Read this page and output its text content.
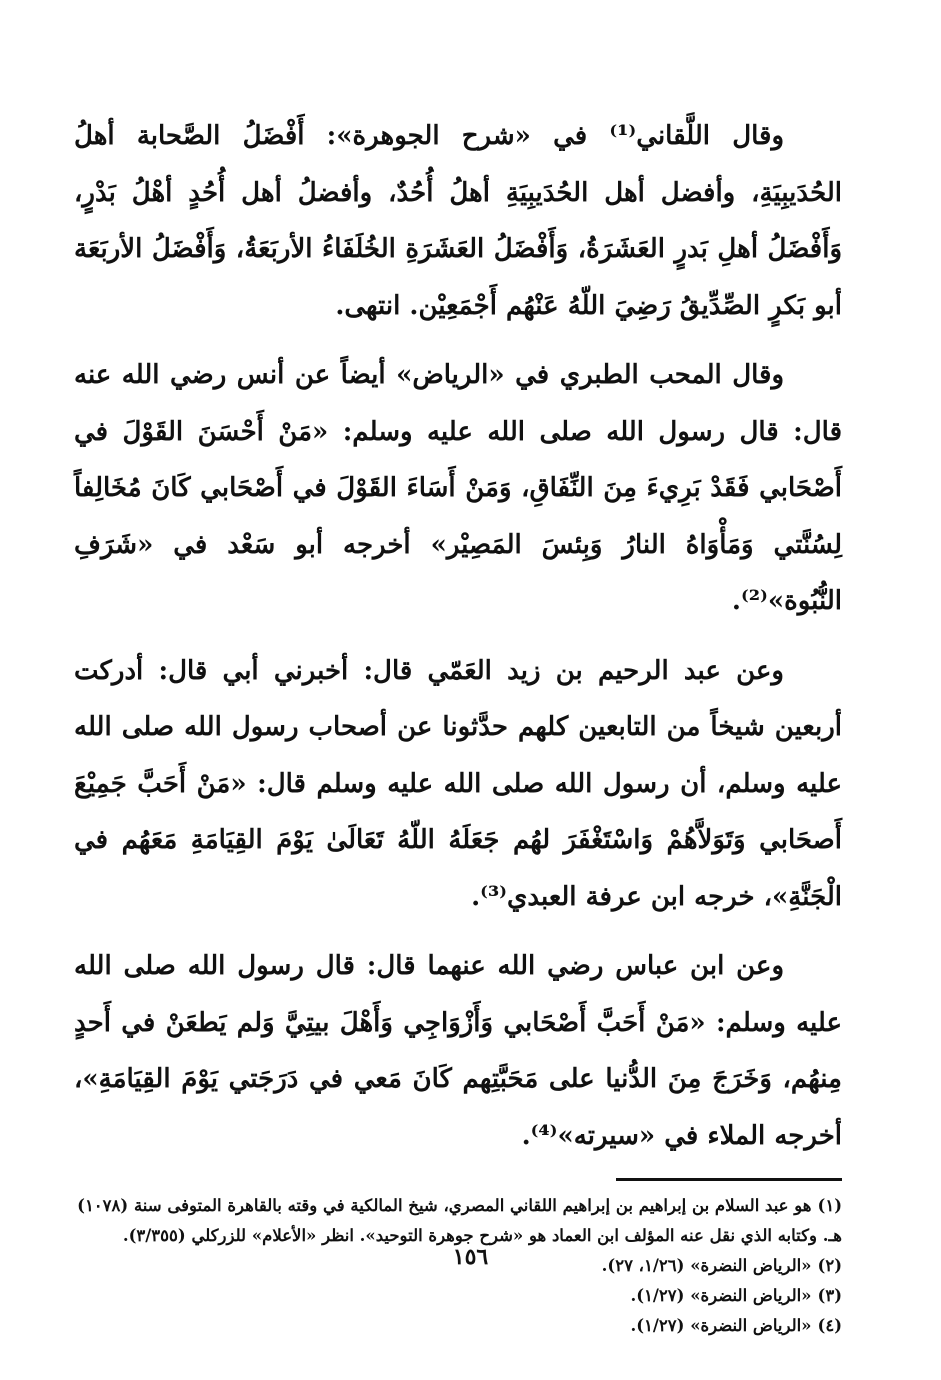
وقال اللَّقاني⁽¹⁾ في «شرح الجوهرة»: أَفْضَلُ الصَّحابة أهلُ الحُدَيبِيَةِ، وأفضل أهل الحُدَيبِيَةِ أهلُ أُحُدٌ، وأفضلُ أهل أُحُدٍ أهْلُ بَدْرٍ، وَأَفْضَلُ أهلِ بَدرٍ العَشَرَةُ، وَأَفْضَلُ العَشَرَةِ الخُلَفَاءُ الأربَعَةُ، وَأَفْضَلُ الأربَعَة أبو بَكرٍ الصِّدِّيقُ رَضِيَ اللّهُ عَنْهُم أَجْمَعِيْن. انتهى.

وقال المحب الطبري في «الرياض» أيضاً عن أنس رضي الله عنه قال: قال رسول الله صلى الله عليه وسلم: «مَنْ أَحْسَنَ القَوْلَ في أَصْحَابي فَقَدْ بَرِيءَ مِنَ النِّفَاقِ، وَمَنْ أَسَاءَ القَوْلَ في أَصْحَابي كَانَ مُخَالِفاً لِسُنَّتي وَمَأْوَاهُ النارُ وَبِئسَ المَصِيْر» أخرجه أبو سَعْد في «شَرَفِ النُّبُوة»⁽²⁾.

وعن عبد الرحيم بن زيد العَمّي قال: أخبرني أبي قال: أدركت أربعين شيخاً من التابعين كلهم حدَّثونا عن أصحاب رسول الله صلى الله عليه وسلم، أن رسول الله صلى الله عليه وسلم قال: «مَنْ أَحَبَّ جَمِيْعَ أَصحَابي وَتَوَلاَّهُمْ وَاسْتَغْفَرَ لهُم جَعَلَهُ اللّهُ تَعَالَىٰ يَوْمَ القِيَامَةِ مَعَهُم في الْجَنَّةِ»، خرجه ابن عرفة العبدي⁽³⁾.

وعن ابن عباس رضي الله عنهما قال: قال رسول الله صلى الله عليه وسلم: «مَنْ أَحَبَّ أَصْحَابي وَأَزْوَاجِي وَأَهْلَ بيتِيَّ وَلم يَطعَنْ في أَحدٍ مِنهُم، وَخَرَجَ مِنَ الدُّنيا على مَحَبَّتِهم كَانَ مَعي في دَرَجَتي يَوْمَ القِيَامَةِ»، أخرجه الملاء في «سيرته»⁽⁴⁾.

(١)هو عبد السلام بن إبراهيم بن إبراهيم اللقاني المصري، شيخ المالكية في وقته بالقاهرة المتوفى سنة (١٠٧٨) هـ. وكتابه الذي نقل عنه المؤلف ابن العماد هو «شرح جوهرة التوحيد». انظر «الأعلام» للزركلي (٣/٣٥٥).

(٢)«الرياض النضرة» (١/٢٦، ٢٧).

(٣)«الرياض النضرة» (١/٢٧).

(٤)«الرياض النضرة» (١/٢٧).

١٥٦
